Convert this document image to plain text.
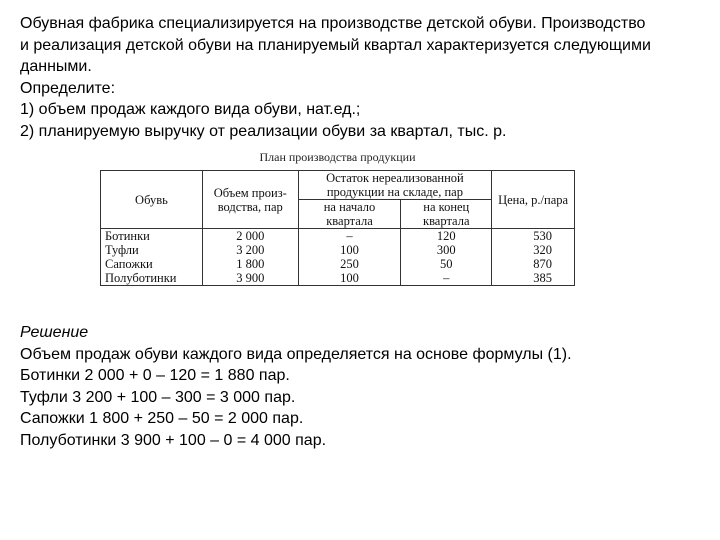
Обувная фабрика специализируется на производстве детской обуви. Производство
и реализация детской обуви на планируемый квартал характеризуется следующими
данными.
Определите:
1) объем продаж каждого вида обуви, нат.ед.;
2) планируемую выручку от реализации обуви за квартал, тыс. р.
План производства продукции
Обувь	Объем произ- водства, пар	Остаток нереализованной продукции на складе, пар		Цена, р./пара
		на начало квартала	на конец квартала	
Ботинки	2 000	–	120	530
Туфли	3 200	100	300	320
Сапожки	1 800	250	50	870
Полуботинки	3 900	100	–	385
Решение
Объем продаж обуви каждого вида определяется на основе формулы (1).
Ботинки 2 000 + 0 – 120 = 1 880 пар.
Туфли 3 200 + 100 – 300 = 3 000 пар.
Сапожки 1 800 + 250 – 50 = 2 000 пар.
Полуботинки 3 900 + 100 – 0 = 4 000 пар.
